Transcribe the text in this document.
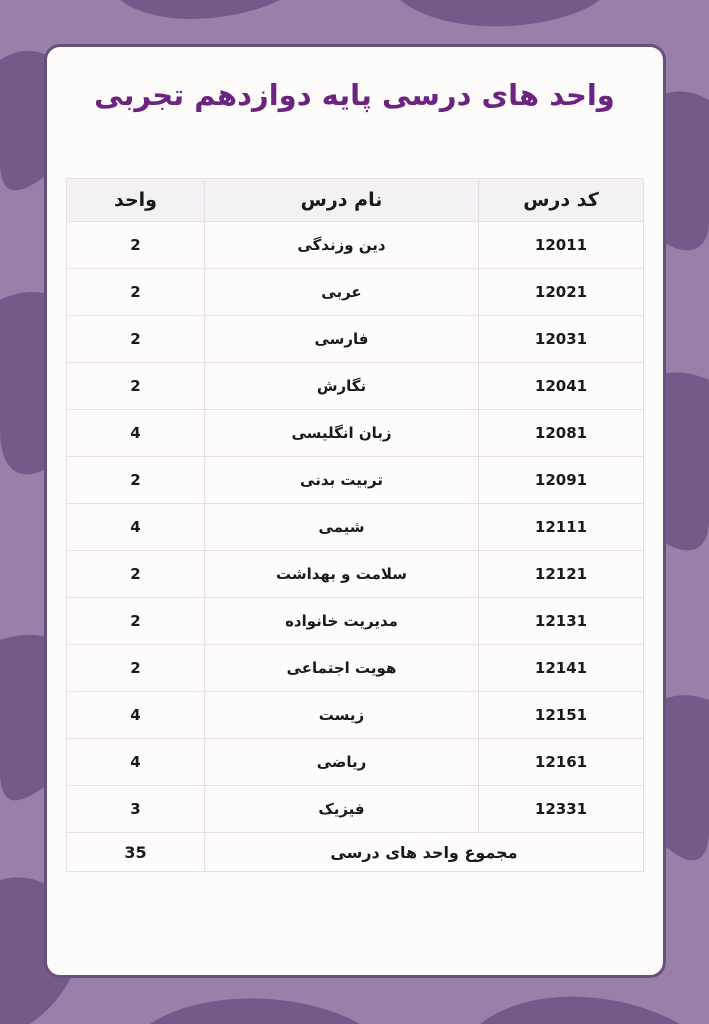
واحد های درسی پایه دوازدهم تجربی
واحد	نام درس	کد درس
2	دین وزندگی	12011
2	عربی	12021
2	فارسی	12031
2	نگارش	12041
4	زبان انگلیسی	12081
2	تربیت بدنی	12091
4	شیمی	12111
2	سلامت و بهداشت	12121
2	مدیریت خانواده	12131
2	هویت اجتماعی	12141
4	زیست	12151
4	ریاضی	12161
3	فیزیک	12331
35	مجموع واحد های درسی	
